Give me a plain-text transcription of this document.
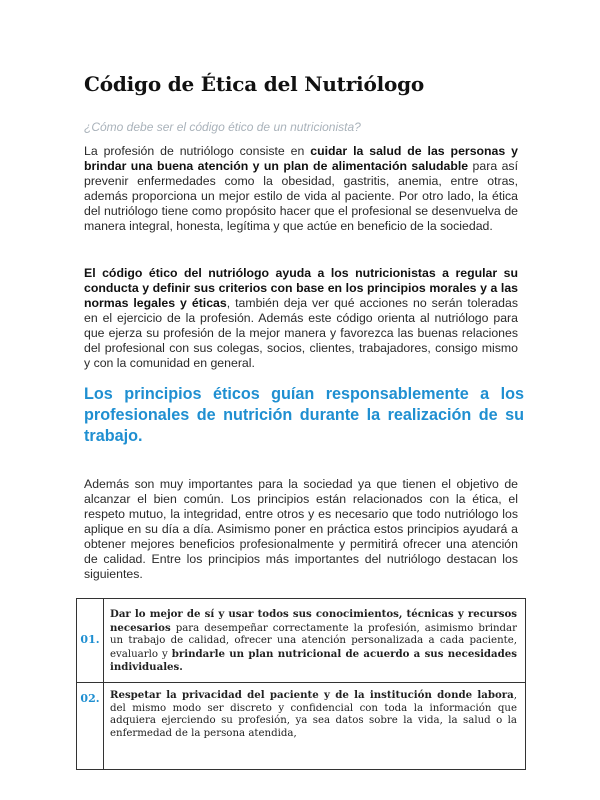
Código de Ética del Nutriólogo
¿Cómo debe ser el código ético de un nutricionista?

La profesión de nutriólogo consiste en cuidar la salud de las personas y brindar una buena atención y un plan de alimentación saludable para así prevenir enfermedades como la obesidad, gastritis, anemia, entre otras, además proporciona un mejor estilo de vida al paciente. Por otro lado, la ética del nutriólogo tiene como propósito hacer que el profesional se desenvuelva de manera integral, honesta, legítima y que actúe en beneficio de la sociedad.

El código ético del nutriólogo ayuda a los nutricionistas a regular su conducta y definir sus criterios con base en los principios morales y a las normas legales y éticas, también deja ver qué acciones no serán toleradas en el ejercicio de la profesión. Además este código orienta al nutriólogo para que ejerza su profesión de la mejor manera y favorezca las buenas relaciones del profesional con sus colegas, socios, clientes, trabajadores, consigo mismo y con la comunidad en general.

Los principios éticos guían responsablemente a los profesionales de nutrición durante la realización de su trabajo.

Además son muy importantes para la sociedad ya que tienen el objetivo de alcanzar el bien común. Los principios están relacionados con la ética, el respeto mutuo, la integridad, entre otros y es necesario que todo nutriólogo los aplique en su día a día. Asimismo poner en práctica estos principios ayudará a obtener mejores beneficios profesionalmente y permitirá ofrecer una atención de calidad. Entre los principios más importantes del nutriólogo destacan los siguientes.

01.	Dar lo mejor de sí y usar todos sus conocimientos, técnicas y recursos necesarios para desempeñar correctamente la profesión, asimismo brindar un trabajo de calidad, ofrecer una atención personalizada a cada paciente, evaluarlo y brindarle un plan nutricional de acuerdo a sus necesidades individuales.
02.	Respetar la privacidad del paciente y de la institución donde labora, del mismo modo ser discreto y confidencial con toda la información que adquiera ejerciendo su profesión, ya sea datos sobre la vida, la salud o la enfermedad de la persona atendida,
